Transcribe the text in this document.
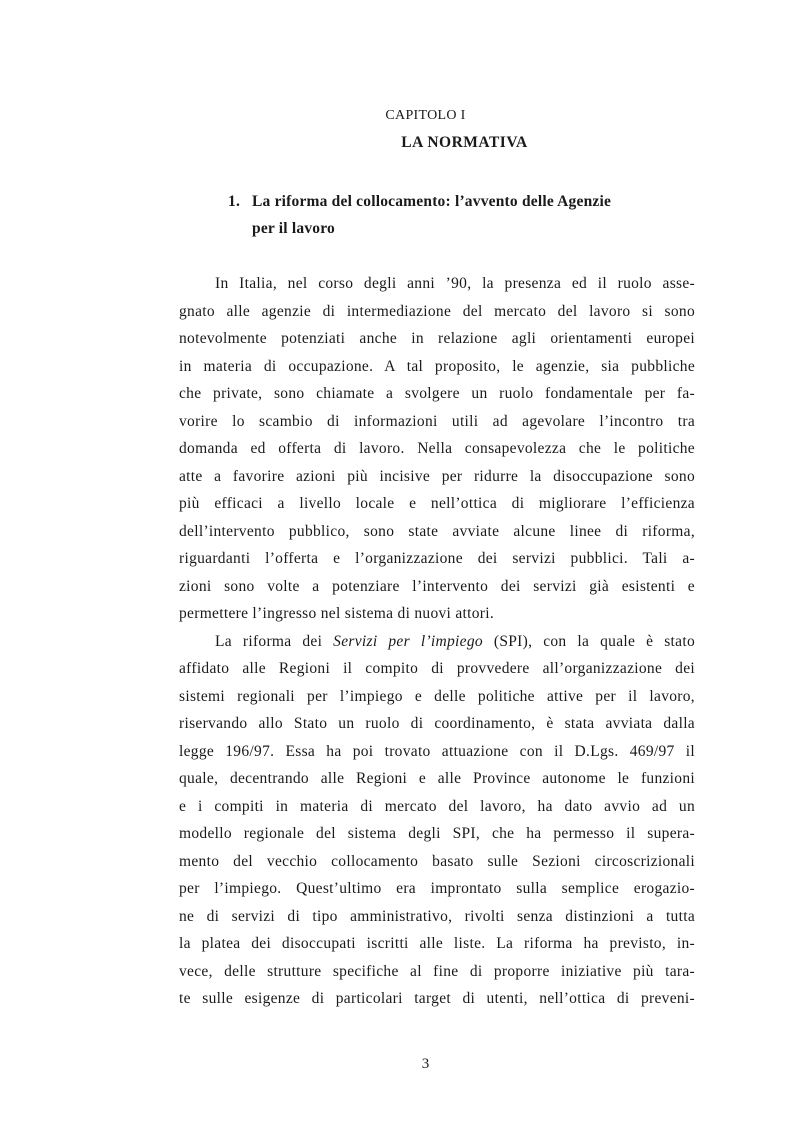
CAPITOLO I
LA NORMATIVA
1. La riforma del collocamento: l’avvento delle Agenzie
per il lavoro
In Italia, nel corso degli anni ’90, la presenza ed il ruolo asse-
gnato alle agenzie di intermediazione del mercato del lavoro si sono
notevolmente potenziati anche in relazione agli orientamenti europei
in materia di occupazione. A tal proposito, le agenzie, sia pubbliche
che private, sono chiamate a svolgere un ruolo fondamentale per fa-
vorire lo scambio di informazioni utili ad agevolare l’incontro tra
domanda ed offerta di lavoro. Nella consapevolezza che le politiche
atte a favorire azioni più incisive per ridurre la disoccupazione sono
più efficaci a livello locale e nell’ottica di migliorare l’efficienza
dell’intervento pubblico, sono state avviate alcune linee di riforma,
riguardanti l’offerta e l’organizzazione dei servizi pubblici. Tali a-
zioni sono volte a potenziare l’intervento dei servizi già esistenti e
permettere l’ingresso nel sistema di nuovi attori.
La riforma dei Servizi per l’impiego (SPI), con la quale è stato
affidato alle Regioni il compito di provvedere all’organizzazione dei
sistemi regionali per l’impiego e delle politiche attive per il lavoro,
riservando allo Stato un ruolo di coordinamento, è stata avviata dalla
legge 196/97. Essa ha poi trovato attuazione con il D.Lgs. 469/97 il
quale, decentrando alle Regioni e alle Province autonome le funzioni
e i compiti in materia di mercato del lavoro, ha dato avvio ad un
modello regionale del sistema degli SPI, che ha permesso il supera-
mento del vecchio collocamento basato sulle Sezioni circoscrizionali
per l’impiego. Quest’ultimo era improntato sulla semplice erogazio-
ne di servizi di tipo amministrativo, rivolti senza distinzioni a tutta
la platea dei disoccupati iscritti alle liste. La riforma ha previsto, in-
vece, delle strutture specifiche al fine di proporre iniziative più tara-
te sulle esigenze di particolari target di utenti, nell’ottica di preveni-
3
